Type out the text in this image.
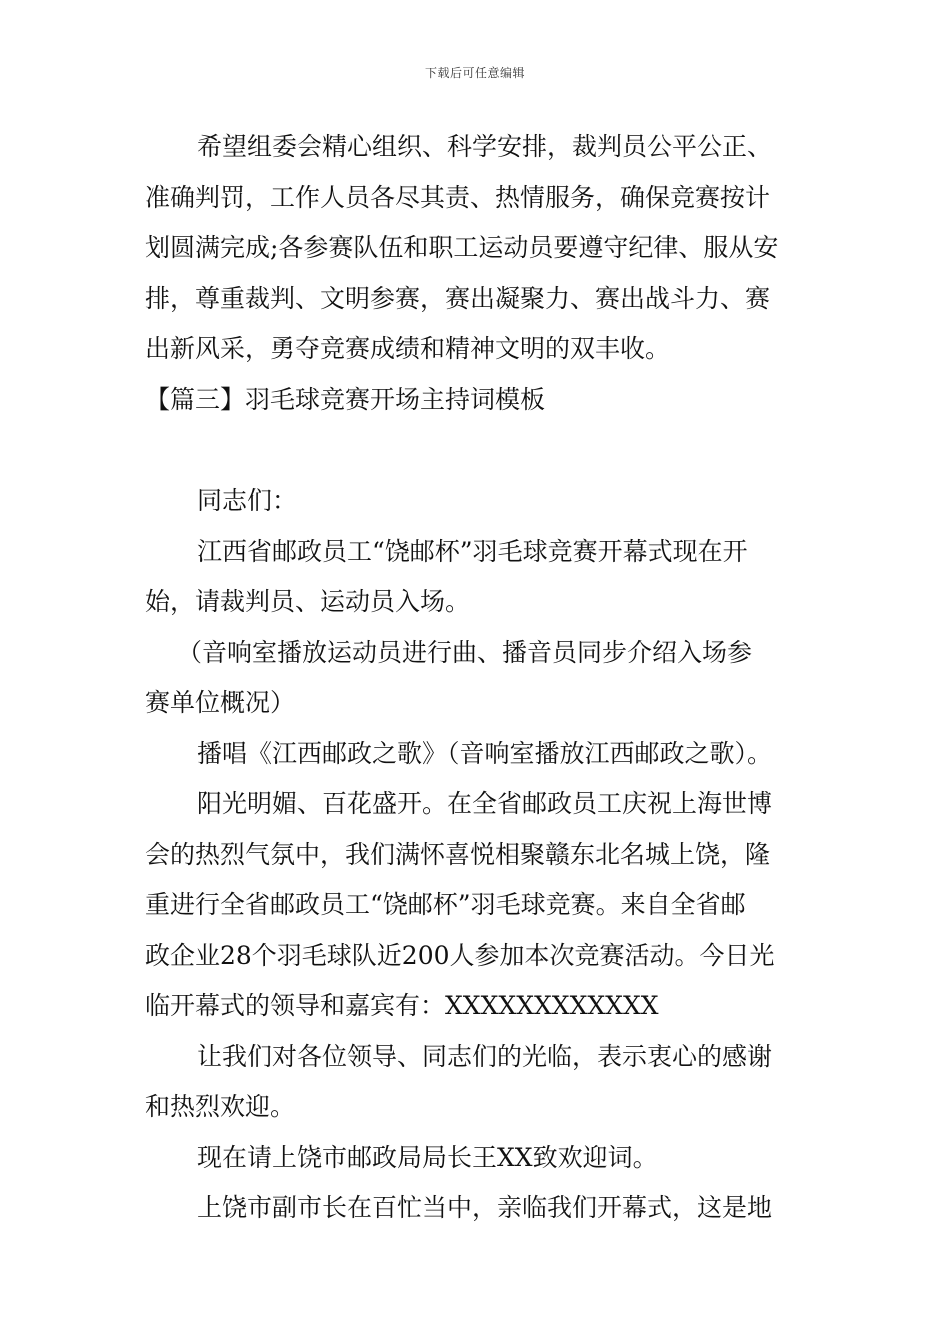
下载后可任意编辑
希望组委会精心组织、科学安排，裁判员公平公正、
准确判罚，工作人员各尽其责、热情服务，确保竞赛按计
划圆满完成;各参赛队伍和职工运动员要遵守纪律、服从安
排，尊重裁判、文明参赛，赛出凝聚力、赛出战斗力、赛
出新风采，勇夺竞赛成绩和精神文明的双丰收。
【篇三】羽毛球竞赛开场主持词模板
同志们：
江西省邮政员工“饶邮杯”羽毛球竞赛开幕式现在开
始，请裁判员、运动员入场。
（音响室播放运动员进行曲、播音员同步介绍入场参
赛单位概况）
播唱《江西邮政之歌》（音响室播放江西邮政之歌）。
阳光明媚、百花盛开。在全省邮政员工庆祝上海世博
会的热烈气氛中，我们满怀喜悦相聚赣东北名城上饶，隆
重进行全省邮政员工“饶邮杯”羽毛球竞赛。来自全省邮
政企业28个羽毛球队近200人参加本次竞赛活动。今日光
临开幕式的领导和嘉宾有：XXXXXXXXXXXX
让我们对各位领导、同志们的光临，表示衷心的感谢
和热烈欢迎。
现在请上饶市邮政局局长王XX致欢迎词。
上饶市副市长在百忙当中，亲临我们开幕式，这是地
